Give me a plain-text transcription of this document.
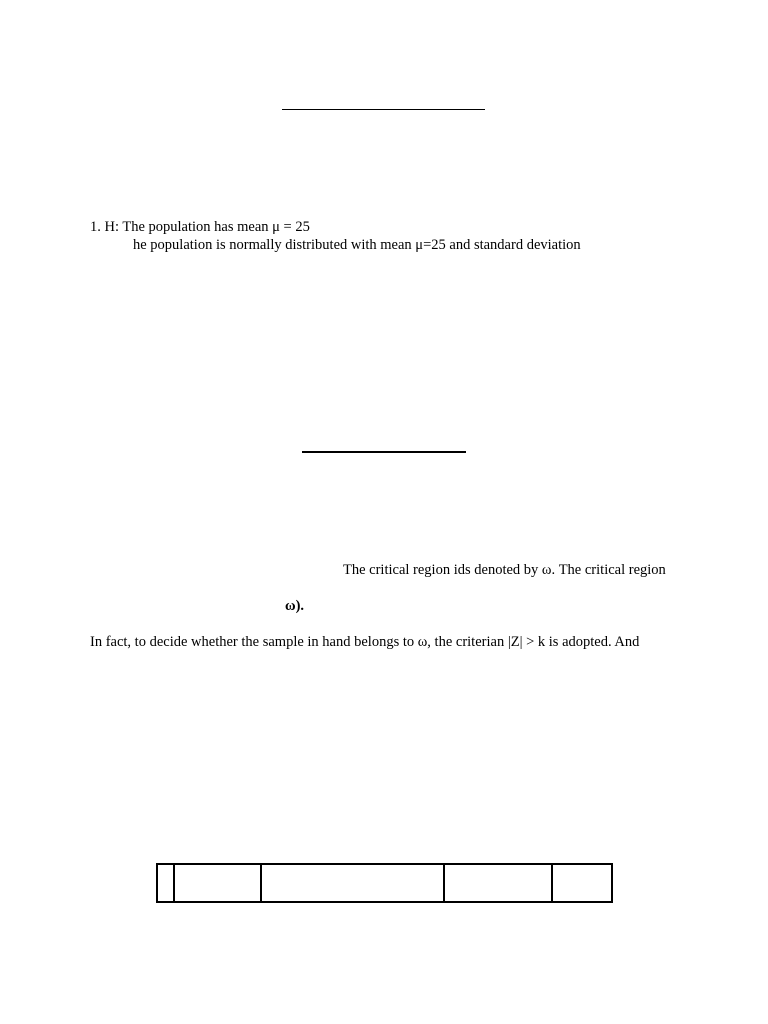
1. H: The population has mean μ = 25
he population is normally distributed with mean μ=25 and standard deviation
The critical region ids denoted by ω. The critical region
ω).
In fact, to decide whether the sample in hand belongs to ω, the criterian |Z| > k is adopted. And
